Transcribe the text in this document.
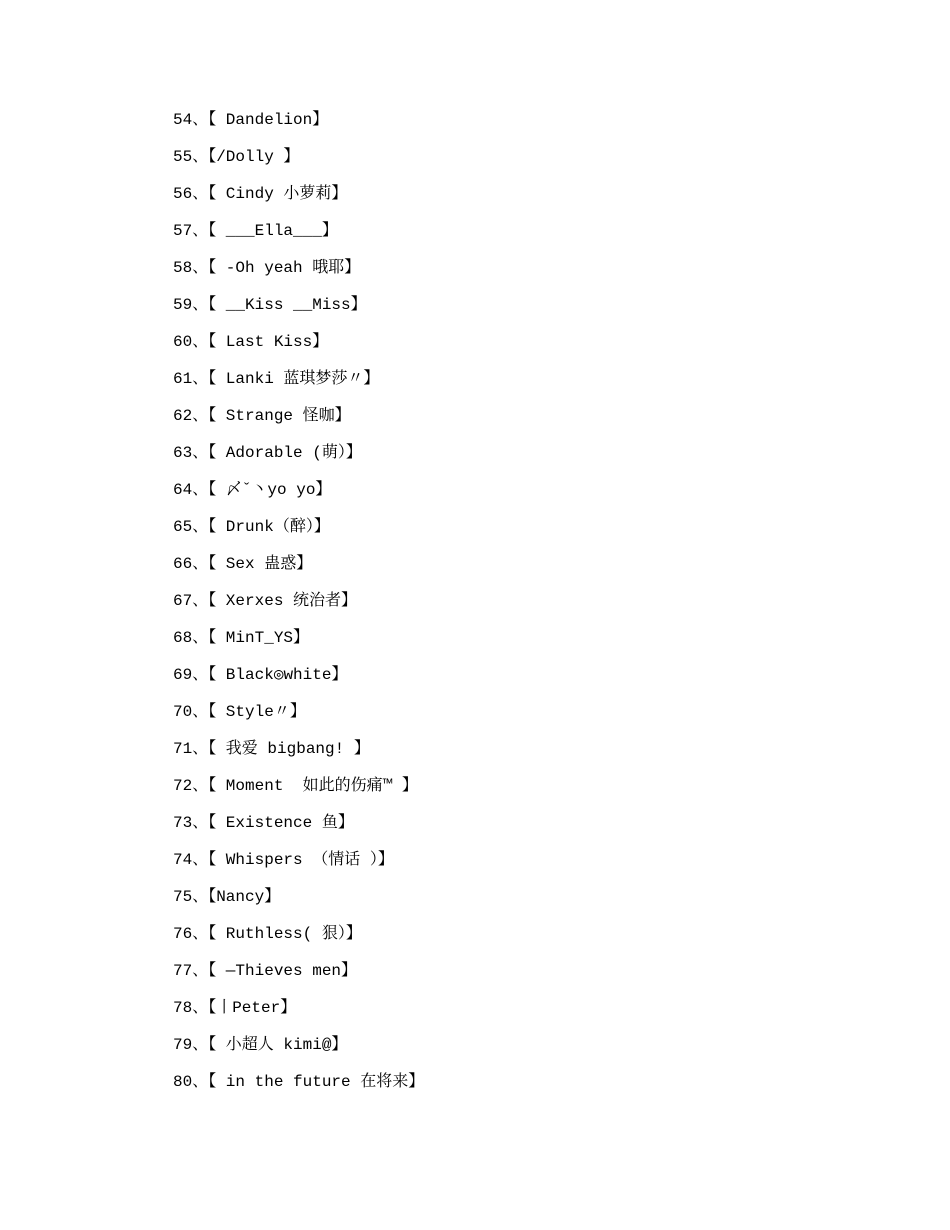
54、【 Dandelion】
55、【/Dolly 】
56、【 Cindy 小萝莉】
57、【 ___Ella___】
58、【 -Oh yeah 哦耶】
59、【 __Kiss __Miss】
60、【 Last Kiss】
61、【 Lanki 蓝琪梦莎〃】
62、【 Strange 怪咖】
63、【 Adorable (萌）】
64、【 〆ˇ丶yo yo】
65、【 Drunk（醉）】
66、【 Sex 蛊惑】
67、【 Xerxes 统治者】
68、【 MinT_YS】
69、【 Black◎white】
70、【 Style〃】
71、【 我爱 bigbang! 】
72、【 Moment  如此的伤痛™ 】
73、【 Existence 鱼】
74、【 Whispers （情话 ）】
75、【Nancy】
76、【 Ruthless( 狠）】
77、【 —Thieves men】
78、【丨Peter】
79、【 小超人 kimi@】
80、【 in the future 在将来】
